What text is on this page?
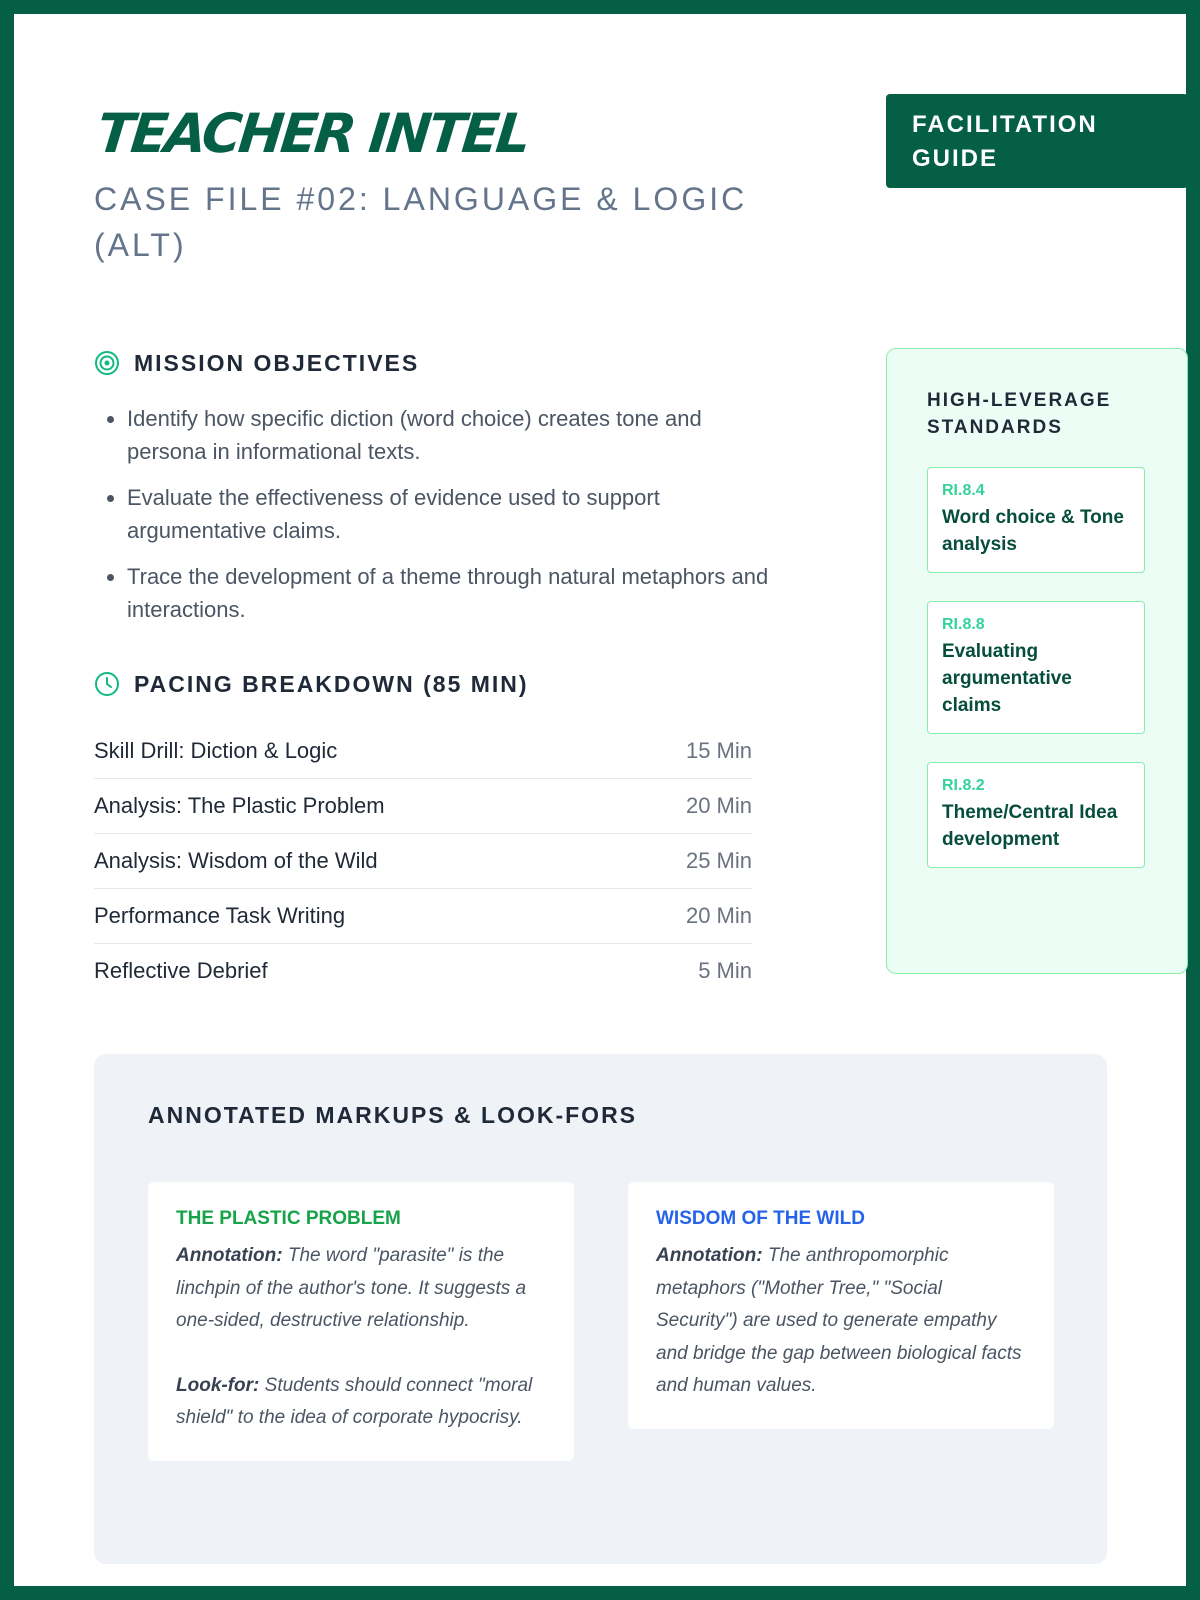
TEACHER INTEL
CASE FILE #02: LANGUAGE & LOGIC (ALT)
FACILITATION GUIDE
MISSION OBJECTIVES
• Identify how specific diction (word choice) creates tone and persona in informational texts.
• Evaluate the effectiveness of evidence used to support argumentative claims.
• Trace the development of a theme through natural metaphors and interactions.
PACING BREAKDOWN (85 MIN)
Skill Drill: Diction & Logic	15 Min
Analysis: The Plastic Problem	20 Min
Analysis: Wisdom of the Wild	25 Min
Performance Task Writing	20 Min
Reflective Debrief	5 Min
HIGH-LEVERAGE STANDARDS
RI.8.4
Word choice & Tone analysis
RI.8.8
Evaluating argumentative claims
RI.8.2
Theme/Central Idea development
ANNOTATED MARKUPS & LOOK-FORS
THE PLASTIC PROBLEM
Annotation: The word "parasite" is the linchpin of the author's tone. It suggests a one-sided, destructive relationship.
Look-for: Students should connect "moral shield" to the idea of corporate hypocrisy.
WISDOM OF THE WILD
Annotation: The anthropomorphic metaphors ("Mother Tree," "Social Security") are used to generate empathy and bridge the gap between biological facts and human values.
